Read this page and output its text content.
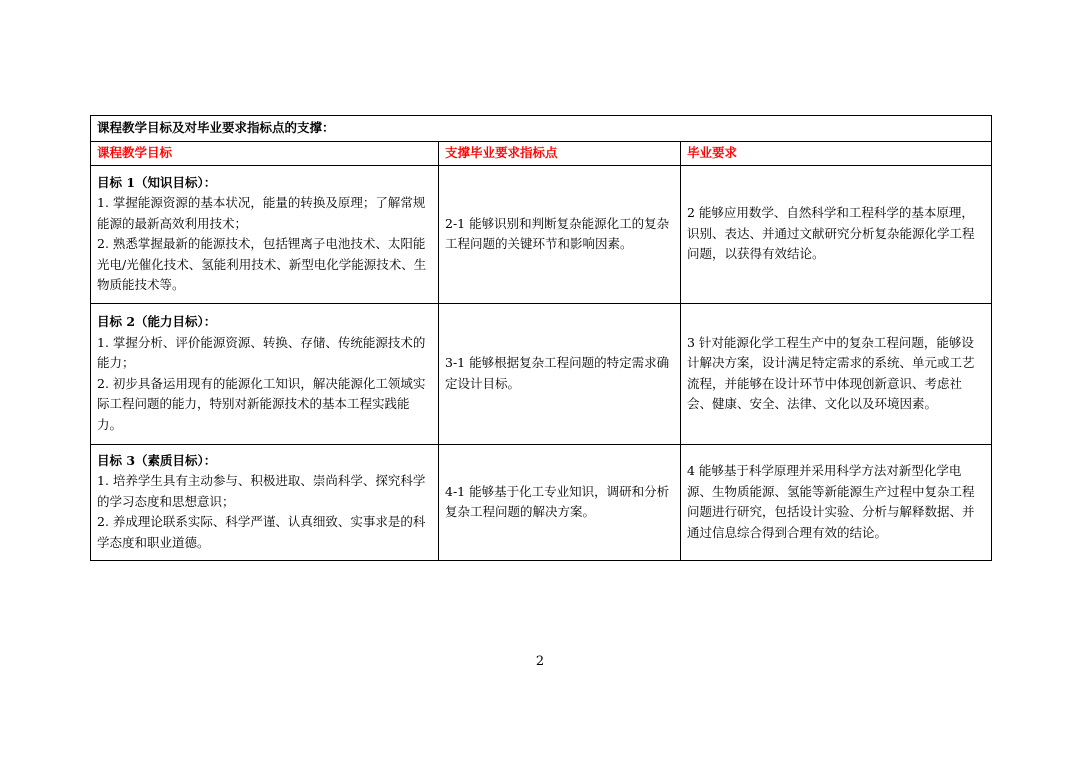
课程教学目标及对毕业要求指标点的支撑：		
课程教学目标	支撑毕业要求指标点	毕业要求

目标 1（知识目标）：
1. 掌握能源资源的基本状况，能量的转换及原理；了解常规能源的最新高效利用技术；
2. 熟悉掌握最新的能源技术，包括锂离子电池技术、太阳能光电/光催化技术、氢能利用技术、新型电化学能源技术、生物质能技术等。	2-1 能够识别和判断复杂能源化工的复杂工程问题的关键环节和影响因素。	2 能够应用数学、自然科学和工程科学的基本原理，识别、表达、并通过文献研究分析复杂能源化学工程问题，以获得有效结论。

目标 2（能力目标）：
1. 掌握分析、评价能源资源、转换、存储、传统能源技术的能力；
2. 初步具备运用现有的能源化工知识，解决能源化工领域实际工程问题的能力，特别对新能源技术的基本工程实践能力。	3-1 能够根据复杂工程问题的特定需求确定设计目标。	3 针对能源化学工程生产中的复杂工程问题，能够设计解决方案，设计满足特定需求的系统、单元或工艺流程，并能够在设计环节中体现创新意识、考虑社会、健康、安全、法律、文化以及环境因素。

目标 3（素质目标）：
1. 培养学生具有主动参与、积极进取、崇尚科学、探究科学的学习态度和思想意识；
2. 养成理论联系实际、科学严谨、认真细致、实事求是的科学态度和职业道德。	4-1 能够基于化工专业知识，调研和分析复杂工程问题的解决方案。	4 能够基于科学原理并采用科学方法对新型化学电源、生物质能源、氢能等新能源生产过程中复杂工程问题进行研究，包括设计实验、分析与解释数据、并通过信息综合得到合理有效的结论。
2
